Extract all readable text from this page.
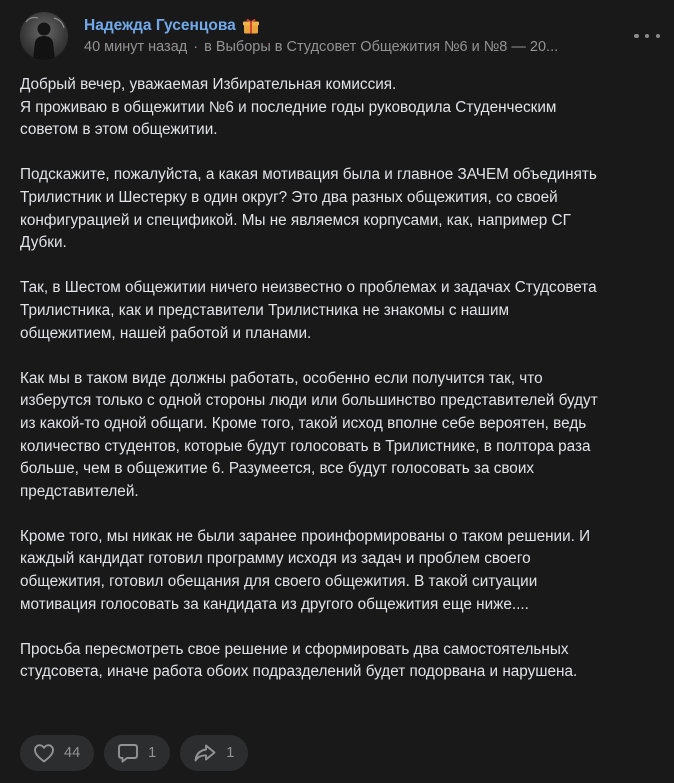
Надежда Гусенцова
40 минут назад · в Выборы в Студсовет Общежития №6 и №8 — 20...

Добрый вечер, уважаемая Избирательная комиссия.
Я проживаю в общежитии №6 и последние годы руководила Студенческим
советом в этом общежитии.

Подскажите, пожалуйста, а какая мотивация была и главное ЗАЧЕМ объединять
Трилистник и Шестерку в один округ? Это два разных общежития, со своей
конфигурацией и спецификой. Мы не являемся корпусами, как, например СГ
Дубки.

Так, в Шестом общежитии ничего неизвестно о проблемах и задачах Студсовета
Трилистника, как и представители Трилистника не знакомы с нашим
общежитием, нашей работой и планами.

Как мы в таком виде должны работать, особенно если получится так, что
изберутся только с одной стороны люди или большинство представителей будут
из какой-то одной общаги. Кроме того, такой исход вполне себе вероятен, ведь
количество студентов, которые будут голосовать в Трилистнике, в полтора раза
больше, чем в общежитие 6. Разумеется, все будут голосовать за своих
представителей.

Кроме того, мы никак не были заранее проинформированы о таком решении. И
каждый кандидат готовил программу исходя из задач и проблем своего
общежития, готовил обещания для своего общежития. В такой ситуации
мотивация голосовать за кандидата из другого общежития еще ниже....

Просьба пересмотреть свое решение и сформировать два самостоятельных
студсовета, иначе работа обоих подразделений будет подорвана и нарушена.

44	1	1
